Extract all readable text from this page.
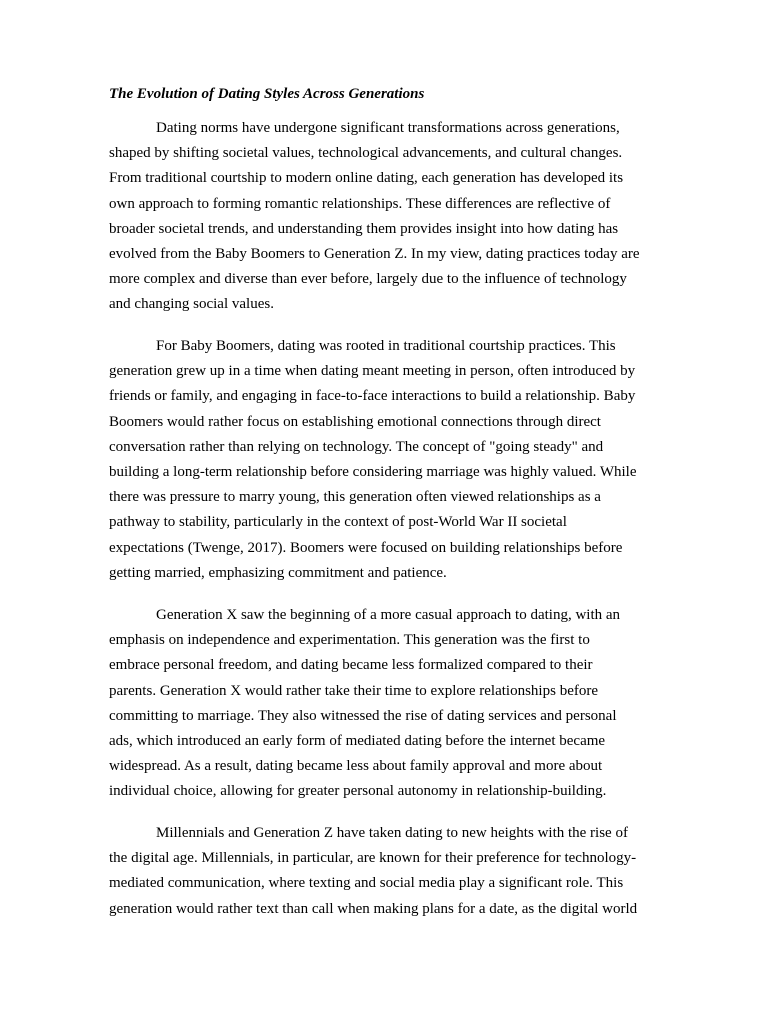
The Evolution of Dating Styles Across Generations
Dating norms have undergone significant transformations across generations,
shaped by shifting societal values, technological advancements, and cultural changes.
From traditional courtship to modern online dating, each generation has developed its
own approach to forming romantic relationships. These differences are reflective of
broader societal trends, and understanding them provides insight into how dating has
evolved from the Baby Boomers to Generation Z. In my view, dating practices today are
more complex and diverse than ever before, largely due to the influence of technology
and changing social values.
For Baby Boomers, dating was rooted in traditional courtship practices. This
generation grew up in a time when dating meant meeting in person, often introduced by
friends or family, and engaging in face-to-face interactions to build a relationship. Baby
Boomers would rather focus on establishing emotional connections through direct
conversation rather than relying on technology. The concept of "going steady" and
building a long-term relationship before considering marriage was highly valued. While
there was pressure to marry young, this generation often viewed relationships as a
pathway to stability, particularly in the context of post-World War II societal
expectations (Twenge, 2017). Boomers were focused on building relationships before
getting married, emphasizing commitment and patience.
Generation X saw the beginning of a more casual approach to dating, with an
emphasis on independence and experimentation. This generation was the first to
embrace personal freedom, and dating became less formalized compared to their
parents. Generation X would rather take their time to explore relationships before
committing to marriage. They also witnessed the rise of dating services and personal
ads, which introduced an early form of mediated dating before the internet became
widespread. As a result, dating became less about family approval and more about
individual choice, allowing for greater personal autonomy in relationship-building.
Millennials and Generation Z have taken dating to new heights with the rise of
the digital age. Millennials, in particular, are known for their preference for technology-
mediated communication, where texting and social media play a significant role. This
generation would rather text than call when making plans for a date, as the digital world
